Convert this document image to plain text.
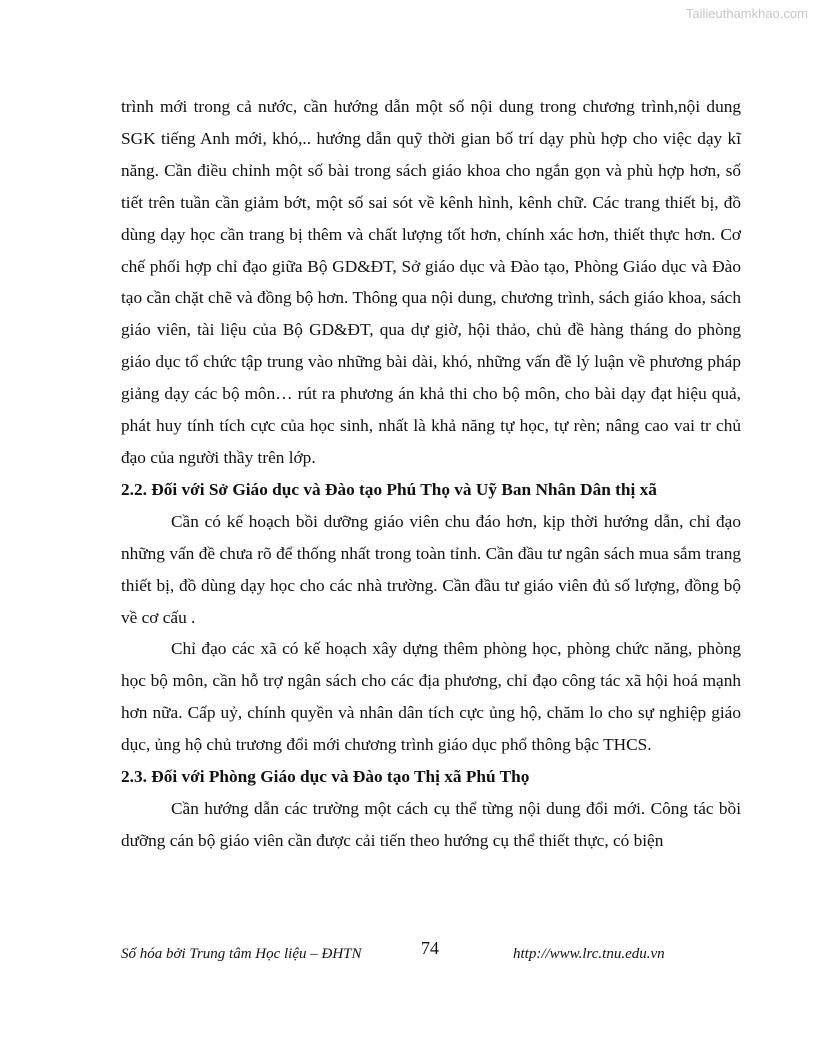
Tailieuthamkhao.com

trình mới trong cả nước, cần hướng dẫn một số nội dung trong chương trình,nội dung SGK tiếng Anh mới, khó,.. hướng dẫn quỹ thời gian bố trí dạy phù hợp cho việc dạy kĩ năng. Cần điều chỉnh một số bài trong sách giáo khoa cho ngắn gọn và phù hợp hơn, số tiết trên tuần cần giảm bớt, một số sai sót về kênh hình, kênh chữ. Các trang thiết bị, đồ dùng dạy học cần trang bị thêm và chất lượng tốt hơn, chính xác hơn, thiết thực hơn. Cơ chế phối hợp chỉ đạo giữa Bộ GD&ĐT, Sở giáo dục và Đào tạo, Phòng Giáo dục và Đào tạo cần chặt chẽ và đồng bộ hơn. Thông qua nội dung, chương trình, sách giáo khoa, sách giáo viên, tài liệu của Bộ GD&ĐT, qua dự giờ, hội thảo, chủ đề hàng tháng do phòng giáo dục tổ chức tập trung vào những bài dài, khó, những vấn đề lý luận về phương pháp giảng dạy các bộ môn… rút ra phương án khả thi cho bộ môn, cho bài dạy đạt hiệu quả, phát huy tính tích cực của học sinh, nhất là khả năng tự học, tự rèn; nâng cao vai tr chủ đạo của người thầy trên lớp.

2.2. Đối với Sở Giáo dục và Đào tạo Phú Thọ và Uỹ Ban Nhân Dân thị xã

Cần có kế hoạch bồi dưỡng giáo viên chu đáo hơn, kịp thời hướng dẫn, chỉ đạo những vấn đề chưa rõ để thống nhất trong toàn tỉnh. Cần đầu tư ngân sách mua sắm trang thiết bị, đồ dùng dạy học cho các nhà trường. Cần đầu tư giáo viên đủ số lượng, đồng bộ về cơ cấu .

Chỉ đạo các xã có kế hoạch xây dựng thêm phòng học, phòng chức năng, phòng học bộ môn, cần hỗ trợ ngân sách cho các địa phương, chỉ đạo công tác xã hội hoá mạnh hơn nữa. Cấp uỷ, chính quyền và nhân dân tích cực ủng hộ, chăm lo cho sự nghiệp giáo dục, ủng hộ chủ trương đổi mới chương trình giáo dục phổ thông bậc THCS.

2.3. Đối với Phòng Giáo dục và Đào tạo Thị xã Phú Thọ

Cần hướng dẫn các trường một cách cụ thể từng nội dung đổi mới. Công tác bồi dưỡng cán bộ giáo viên cần được cải tiến theo hướng cụ thể thiết thực, có biện

Số hóa bởi Trung tâm Học liệu – ĐHTN	74	http://www.lrc.tnu.edu.vn
